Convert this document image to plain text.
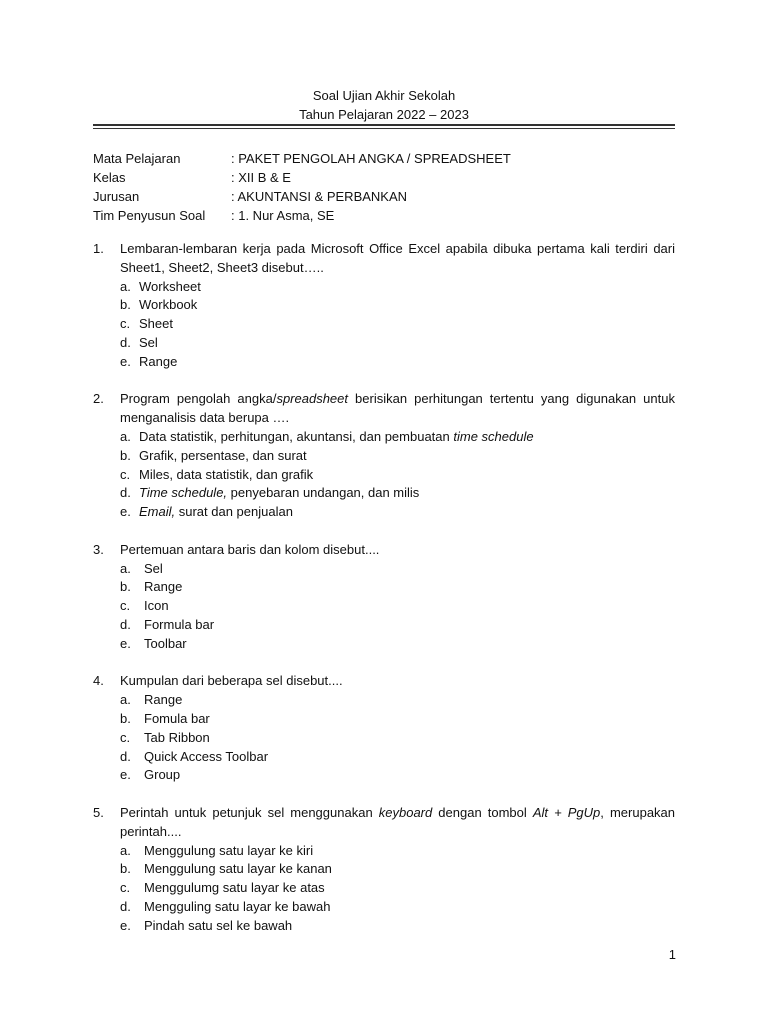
Soal Ujian Akhir Sekolah
Tahun Pelajaran 2022 – 2023
Mata Pelajaran	: PAKET PENGOLAH ANGKA / SPREADSHEET
Kelas	: XII B & E
Jurusan	: AKUNTANSI & PERBANKAN
Tim Penyusun Soal	: 1. Nur Asma, SE
1.	Lembaran-lembaran kerja pada Microsoft Office Excel apabila dibuka pertama kali terdiri dari Sheet1, Sheet2, Sheet3 disebut…..
a. Worksheet
b. Workbook
c. Sheet
d. Sel
e. Range
2.	Program pengolah angka/spreadsheet berisikan perhitungan tertentu yang digunakan untuk menganalisis data berupa ….
a. Data statistik, perhitungan, akuntansi, dan pembuatan time schedule
b. Grafik, persentase, dan surat
c. Miles, data statistik, dan grafik
d. Time schedule, penyebaran undangan, dan milis
e. Email, surat dan penjualan
3.	Pertemuan antara baris dan kolom disebut....
a.	Sel
b.	Range
c.	Icon
d.	Formula bar
e.	Toolbar
4.	Kumpulan dari beberapa sel disebut....
a.	Range
b.	Fomula bar
c.	Tab Ribbon
d.	Quick Access Toolbar
e.	Group
5.	Perintah untuk petunjuk sel menggunakan keyboard dengan tombol Alt + PgUp, merupakan perintah....
a.	Menggulung satu layar ke kiri
b.	Menggulung satu layar ke kanan
c.	Menggulumg satu layar ke atas
d.	Mengguling satu layar ke bawah
e.	Pindah satu sel ke bawah
1
